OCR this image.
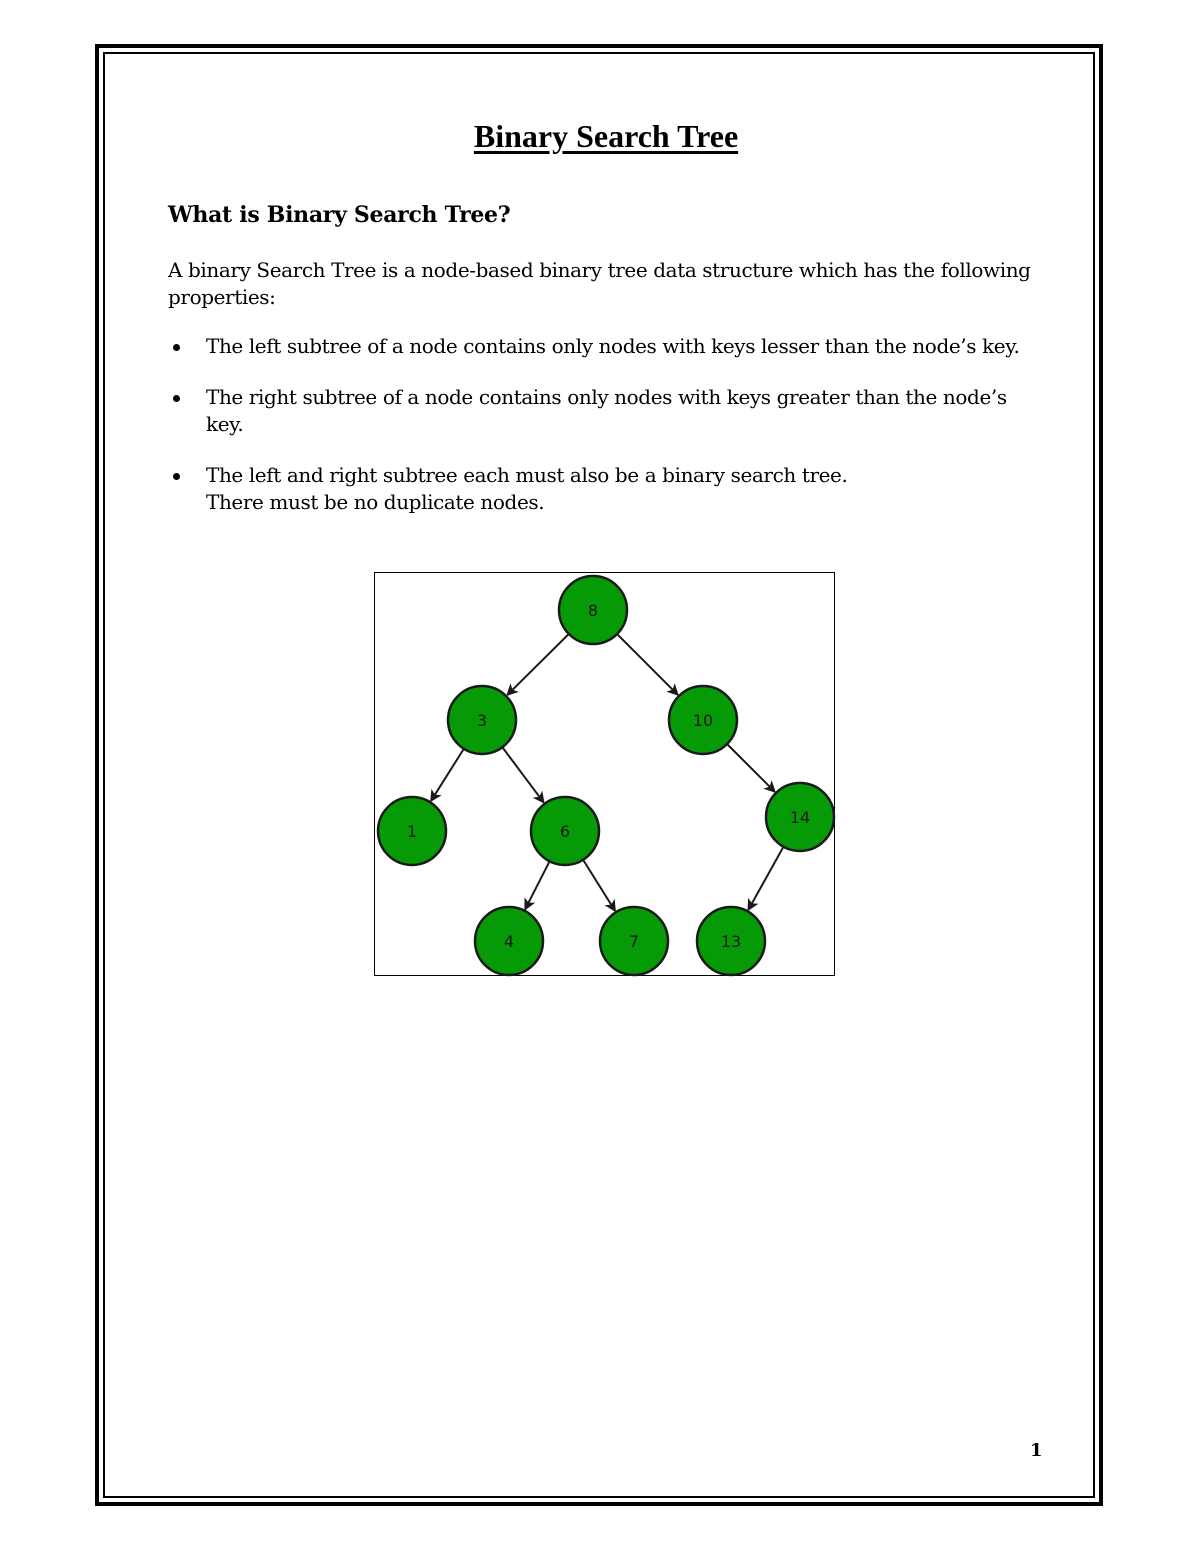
Binary Search Tree
What is Binary Search Tree?

A binary Search Tree is a node-based binary tree data structure which has the following properties:

The left subtree of a node contains only nodes with keys lesser than the node’s key.
The right subtree of a node contains only nodes with keys greater than the node’s key.
The left and right subtree each must also be a binary search tree.
There must be no duplicate nodes.
8
3	10
1	6
14
4	7	13

1
